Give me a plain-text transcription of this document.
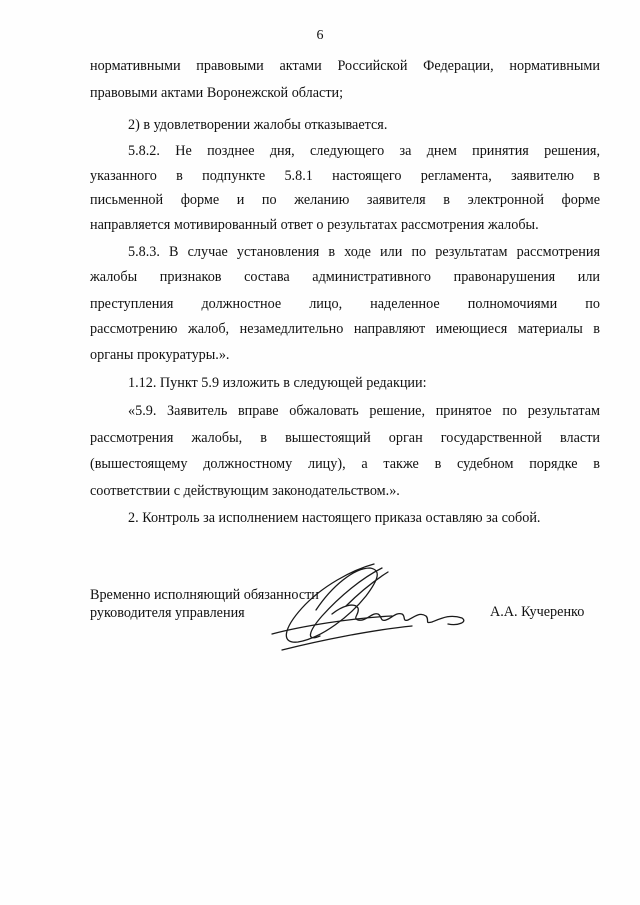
6
нормативными правовыми актами Российской Федерации, нормативными
правовыми актами Воронежской области;
2) в удовлетворении жалобы отказывается.
5.8.2. Не позднее дня, следующего за днем принятия решения,
указанного в подпункте 5.8.1 настоящего регламента, заявителю в
письменной форме и по желанию заявителя в электронной форме
направляется мотивированный ответ о результатах рассмотрения жалобы.
5.8.3. В случае установления в ходе или по результатам рассмотрения
жалобы признаков состава административного правонарушения или
преступления должностное лицо, наделенное полномочиями по
рассмотрению жалоб, незамедлительно направляют имеющиеся материалы в
органы прокуратуры.».
1.12. Пункт 5.9 изложить в следующей редакции:
«5.9. Заявитель вправе обжаловать решение, принятое по результатам
рассмотрения жалобы, в вышестоящий орган государственной власти
(вышестоящему должностному лицу), а также в судебном порядке в
соответствии с действующим законодательством.».
2. Контроль за исполнением настоящего приказа оставляю за собой.
Временно исполняющий обязанности
руководителя управления	А.А. Кучеренко
